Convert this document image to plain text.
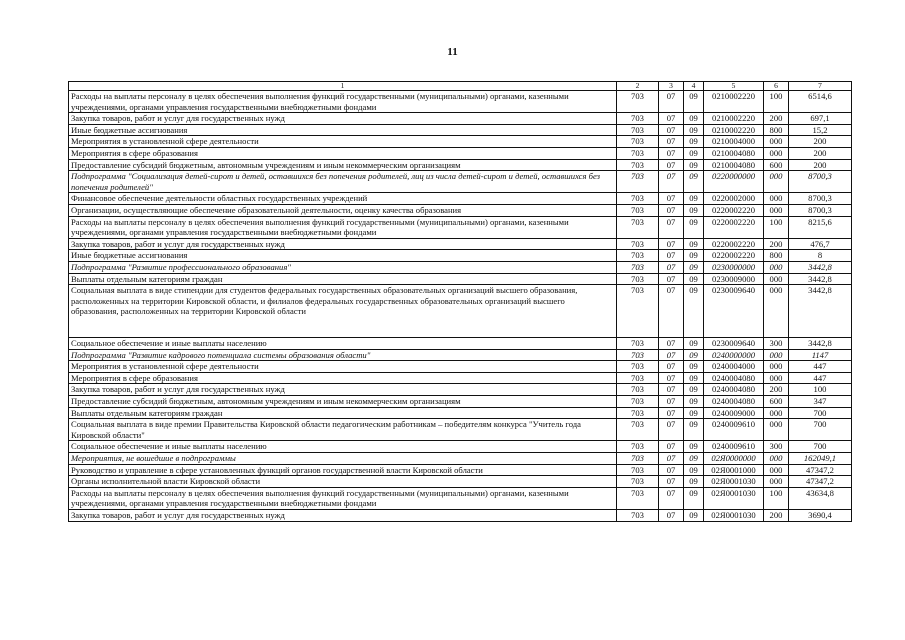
11
1	2	3	4	5	6	7
Расходы на выплаты персоналу в целях обеспечения выполнения функций государственными (муниципальными) органами, казенными учреждениями, органами управления государственными внебюджетными фондами	703	07	09	0210002220	100	6514,6
Закупка товаров, работ и услуг для государственных нужд	703	07	09	0210002220	200	697,1
Иные бюджетные ассигнования	703	07	09	0210002220	800	15,2
Мероприятия в установленной сфере деятельности	703	07	09	0210004000	000	200
Мероприятия в сфере образования	703	07	09	0210004080	000	200
Предоставление субсидий бюджетным, автономным учреждениям и иным некоммерческим организациям	703	07	09	0210004080	600	200
Подпрограмма "Социализация детей-сирот и детей, оставшихся без попечения родителей, лиц из числа детей-сирот и детей, оставшихся без попечения родителей"	703	07	09	0220000000	000	8700,3
Финансовое обеспечение деятельности областных государственных учреждений	703	07	09	0220002000	000	8700,3
Организации, осуществляющие обеспечение образовательной деятельности, оценку качества образования	703	07	09	0220002220	000	8700,3
Расходы на выплаты персоналу в целях обеспечения выполнения функций государственными (муниципальными) органами, казенными учреждениями, органами управления государственными внебюджетными фондами	703	07	09	0220002220	100	8215,6
Закупка товаров, работ и услуг для государственных нужд	703	07	09	0220002220	200	476,7
Иные бюджетные ассигнования	703	07	09	0220002220	800	8
Подпрограмма "Развитие профессионального образования"	703	07	09	0230000000	000	3442,8
Выплаты отдельным категориям граждан	703	07	09	0230009000	000	3442,8
Социальная выплата в виде стипендии для студентов федеральных государственных образовательных организаций высшего образования, расположенных на территории Кировской области, и филиалов федеральных государственных образовательных организаций высшего образования, расположенных на территории Кировской области	703	07	09	0230009640	000	3442,8
Социальное обеспечение и иные выплаты населению	703	07	09	0230009640	300	3442,8
Подпрограмма "Развитие кадрового потенциала системы образования области"	703	07	09	0240000000	000	1147
Мероприятия в установленной сфере деятельности	703	07	09	0240004000	000	447
Мероприятия в сфере образования	703	07	09	0240004080	000	447
Закупка товаров, работ и услуг для государственных нужд	703	07	09	0240004080	200	100
Предоставление субсидий бюджетным, автономным учреждениям и иным некоммерческим организациям	703	07	09	0240004080	600	347
Выплаты отдельным категориям граждан	703	07	09	0240009000	000	700
Социальная выплата в виде премии Правительства Кировской области педагогическим работникам – победителям конкурса "Учитель года Кировской области"	703	07	09	0240009610	000	700
Социальное обеспечение и иные выплаты населению	703	07	09	0240009610	300	700
Мероприятия, не вошедшие в подпрограммы	703	07	09	02Я0000000	000	162049,1
Руководство и управление в сфере установленных функций органов государственной власти Кировской области	703	07	09	02Я0001000	000	47347,2
Органы исполнительной власти Кировской области	703	07	09	02Я0001030	000	47347,2
Расходы на выплаты персоналу в целях обеспечения выполнения функций государственными (муниципальными) органами, казенными учреждениями, органами управления государственными внебюджетными фондами	703	07	09	02Я0001030	100	43634,8
Закупка товаров, работ и услуг для государственных нужд	703	07	09	02Я0001030	200	3690,4
